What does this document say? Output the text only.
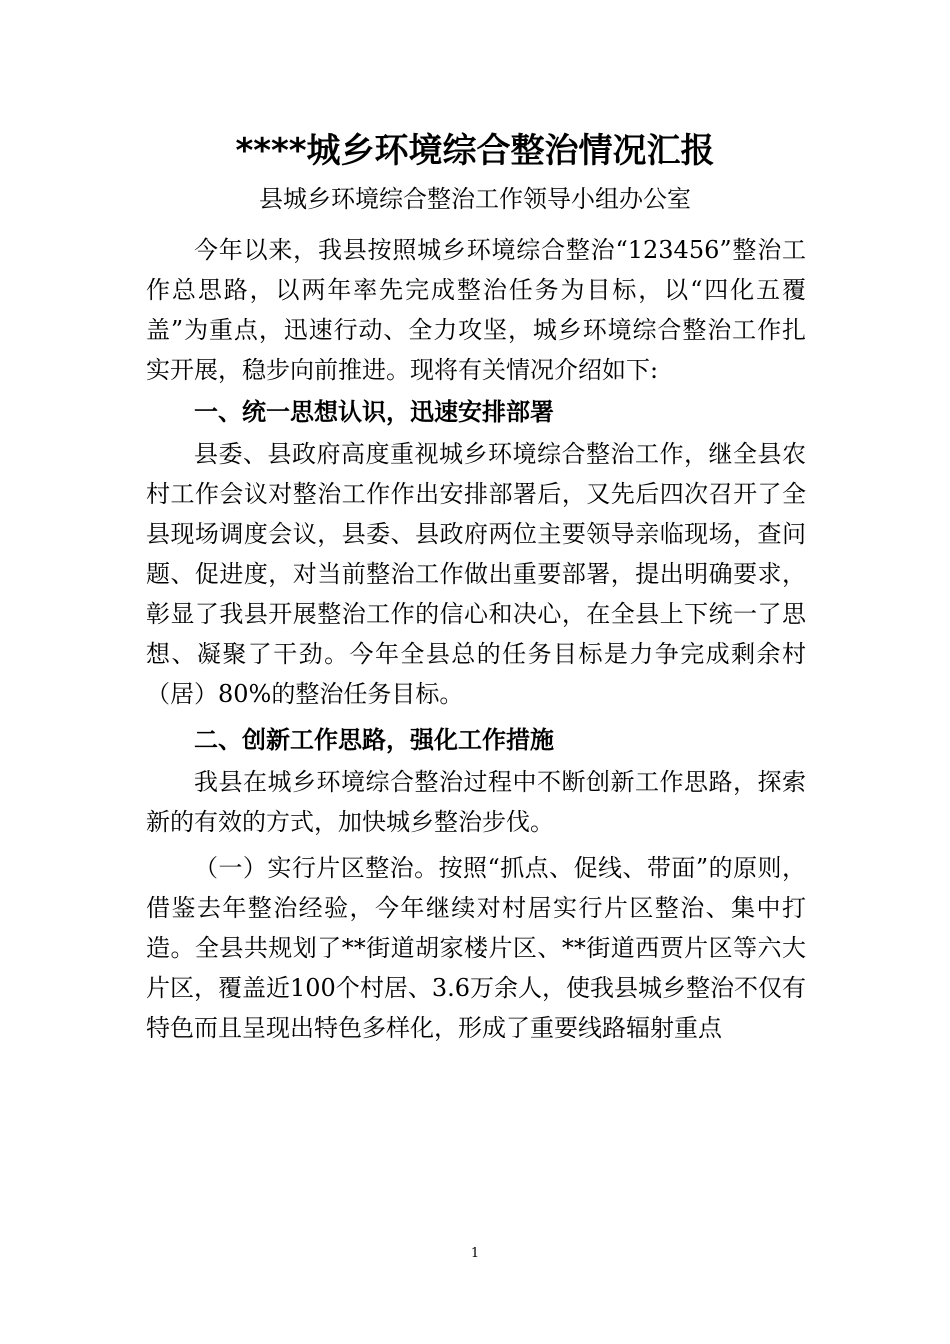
****城乡环境综合整治情况汇报
县城乡环境综合整治工作领导小组办公室

今年以来，我县按照城乡环境综合整治“123456”整治工作总思路，以两年率先完成整治任务为目标，以“四化五覆盖”为重点，迅速行动、全力攻坚，城乡环境综合整治工作扎实开展，稳步向前推进。现将有关情况介绍如下:

一、统一思想认识，迅速安排部署

县委、县政府高度重视城乡环境综合整治工作，继全县农村工作会议对整治工作作出安排部署后，又先后四次召开了全县现场调度会议，县委、县政府两位主要领导亲临现场，查问题、促进度，对当前整治工作做出重要部署，提出明确要求，彰显了我县开展整治工作的信心和决心，在全县上下统一了思想、凝聚了干劲。今年全县总的任务目标是力争完成剩余村（居）80%的整治任务目标。

二、创新工作思路，强化工作措施

我县在城乡环境综合整治过程中不断创新工作思路，探索新的有效的方式，加快城乡整治步伐。

（一）实行片区整治。按照“抓点、促线、带面”的原则，借鉴去年整治经验，今年继续对村居实行片区整治、集中打造。全县共规划了**街道胡家楼片区、**街道西贾片区等六大片区，覆盖近100个村居、3.6万余人，使我县城乡整治不仅有特色而且呈现出特色多样化，形成了重要线路辐射重点

1
